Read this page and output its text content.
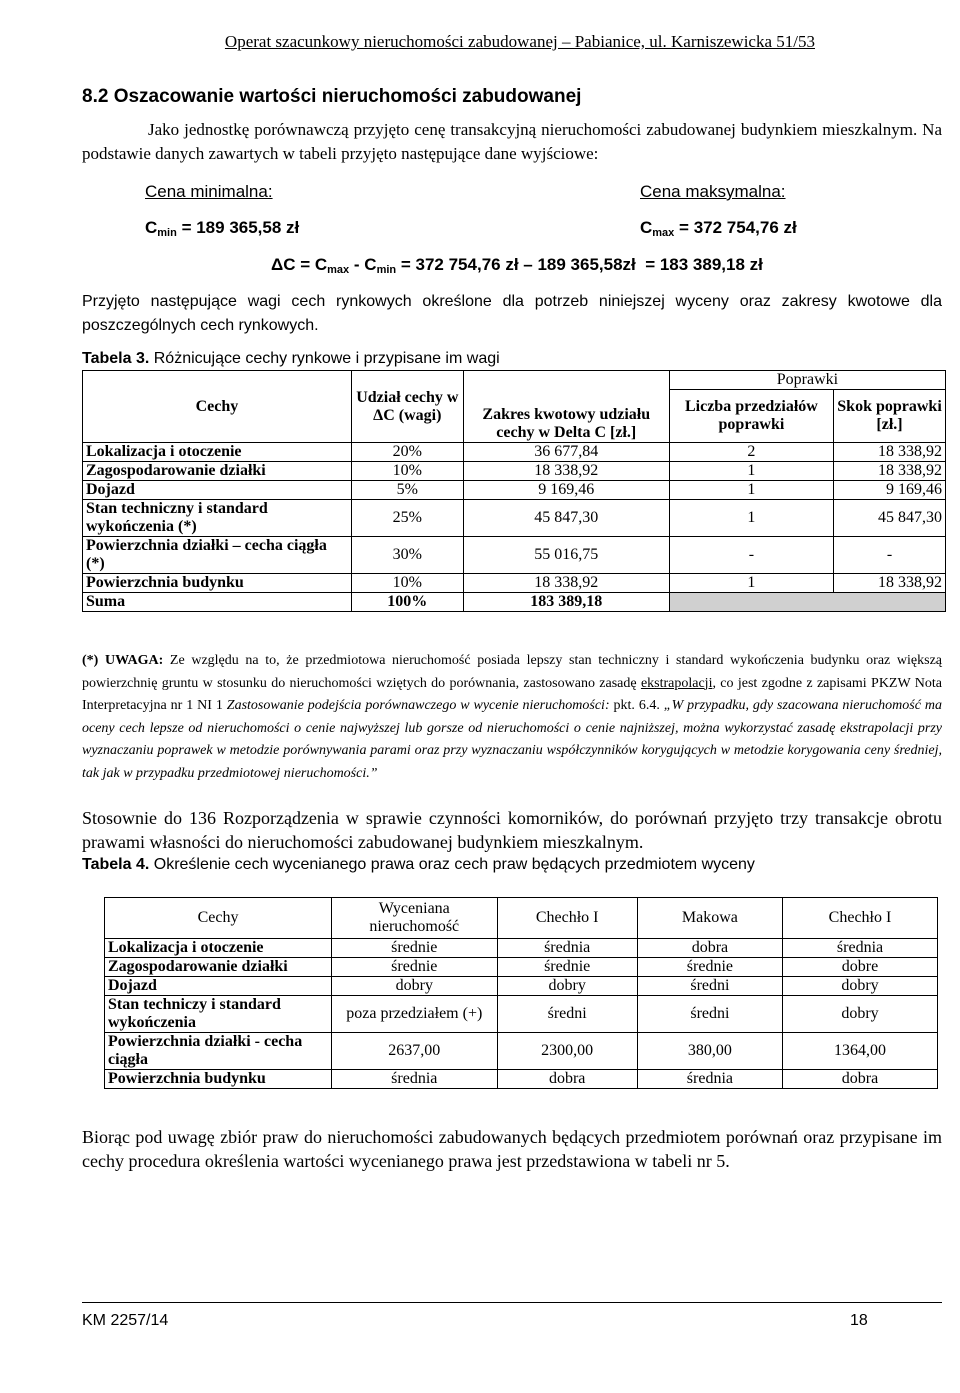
Operat szacunkowy nieruchomości zabudowanej – Pabianice, ul. Karniszewicka 51/53
8.2 Oszacowanie wartości nieruchomości zabudowanej
Jako jednostkę porównawczą przyjęto cenę transakcyjną nieruchomości zabudowanej budynkiem mieszkalnym. Na podstawie danych zawartych w tabeli przyjęto następujące dane wyjściowe:
Cena minimalna:	Cena maksymalna:
$C_{min} = 189$ 365,58 zł	$C_{max} = 372$ 754,76 zł
$\Delta C = C_{max} - C_{min} = 372$ 754,76 zł – 189 365,58zł  = 183 389,18 zł
Przyjęto następujące wagi cech rynkowych określone dla potrzeb niniejszej wyceny oraz zakresy kwotowe dla poszczególnych cech rynkowych.
Tabela 3. Różnicujące cechy rynkowe i przypisane im wagi
Cechy	Udział cechy w ΔC (wagi)	Zakres kwotowy udziału cechy w Delta C [zł.]	Poprawki	
			Liczba przedziałów poprawki	Skok poprawki [zł.]
Lokalizacja i otoczenie	20%	36 677,84	2	18 338,92
Zagospodarowanie działki	10%	18 338,92	1	18 338,92
Dojazd	5%	9 169,46	1	9 169,46
Stan techniczny i standard wykończenia (*)	25%	45 847,30	1	45 847,30
Powierzchnia działki – cecha ciągła (*)	30%	55 016,75	-	-
Powierzchnia budynku	10%	18 338,92	1	18 338,92
Suma	100%	183 389,18		
(*) UWAGA: Ze względu na to, że przedmiotowa nieruchomość posiada lepszy stan techniczny i standard wykończenia budynku oraz większą powierzchnię gruntu w stosunku do nieruchomości wziętych do porównania, zastosowano zasadę ekstrapolacji, co jest zgodne z zapisami PKZW Nota Interpretacyjna nr 1 NI 1 Zastosowanie podejścia porównawczego w wycenie nieruchomości: pkt. 6.4. „W przypadku, gdy szacowana nieruchomość ma oceny cech lepsze od nieruchomości o cenie najwyższej lub gorsze od nieruchomości o cenie najniższej, można wykorzystać zasadę ekstrapolacji przy wyznaczaniu poprawek w metodzie porównywania parami oraz przy wyznaczaniu współczynników korygujących w metodzie korygowania ceny średniej, tak jak w przypadku przedmiotowej nieruchomości.”
Stosownie do 136 Rozporządzenia w sprawie czynności komorników, do porównań przyjęto trzy transakcje obrotu prawami własności do nieruchomości zabudowanej budynkiem mieszkalnym.
Tabela 4. Określenie cech wycenianego prawa oraz cech praw będących przedmiotem wyceny
Cechy	Wyceniana nieruchomość	Chechło I	Makowa	Chechło I
Lokalizacja i otoczenie	średnie	średnia	dobra	średnia
Zagospodarowanie działki	średnie	średnie	średnie	dobre
Dojazd	dobry	dobry	średni	dobry
Stan techniczy i standard wykończenia	poza przedziałem (+)	średni	średni	dobry
Powierzchnia działki - cecha ciągła	2637,00	2300,00	380,00	1364,00
Powierzchnia budynku	średnia	dobra	średnia	dobra
Biorąc pod uwagę zbiór praw do nieruchomości zabudowanych będących przedmiotem porównań oraz przypisane im cechy procedura określenia wartości wycenianego prawa jest przedstawiona w tabeli nr 5.
KM 2257/14	18
